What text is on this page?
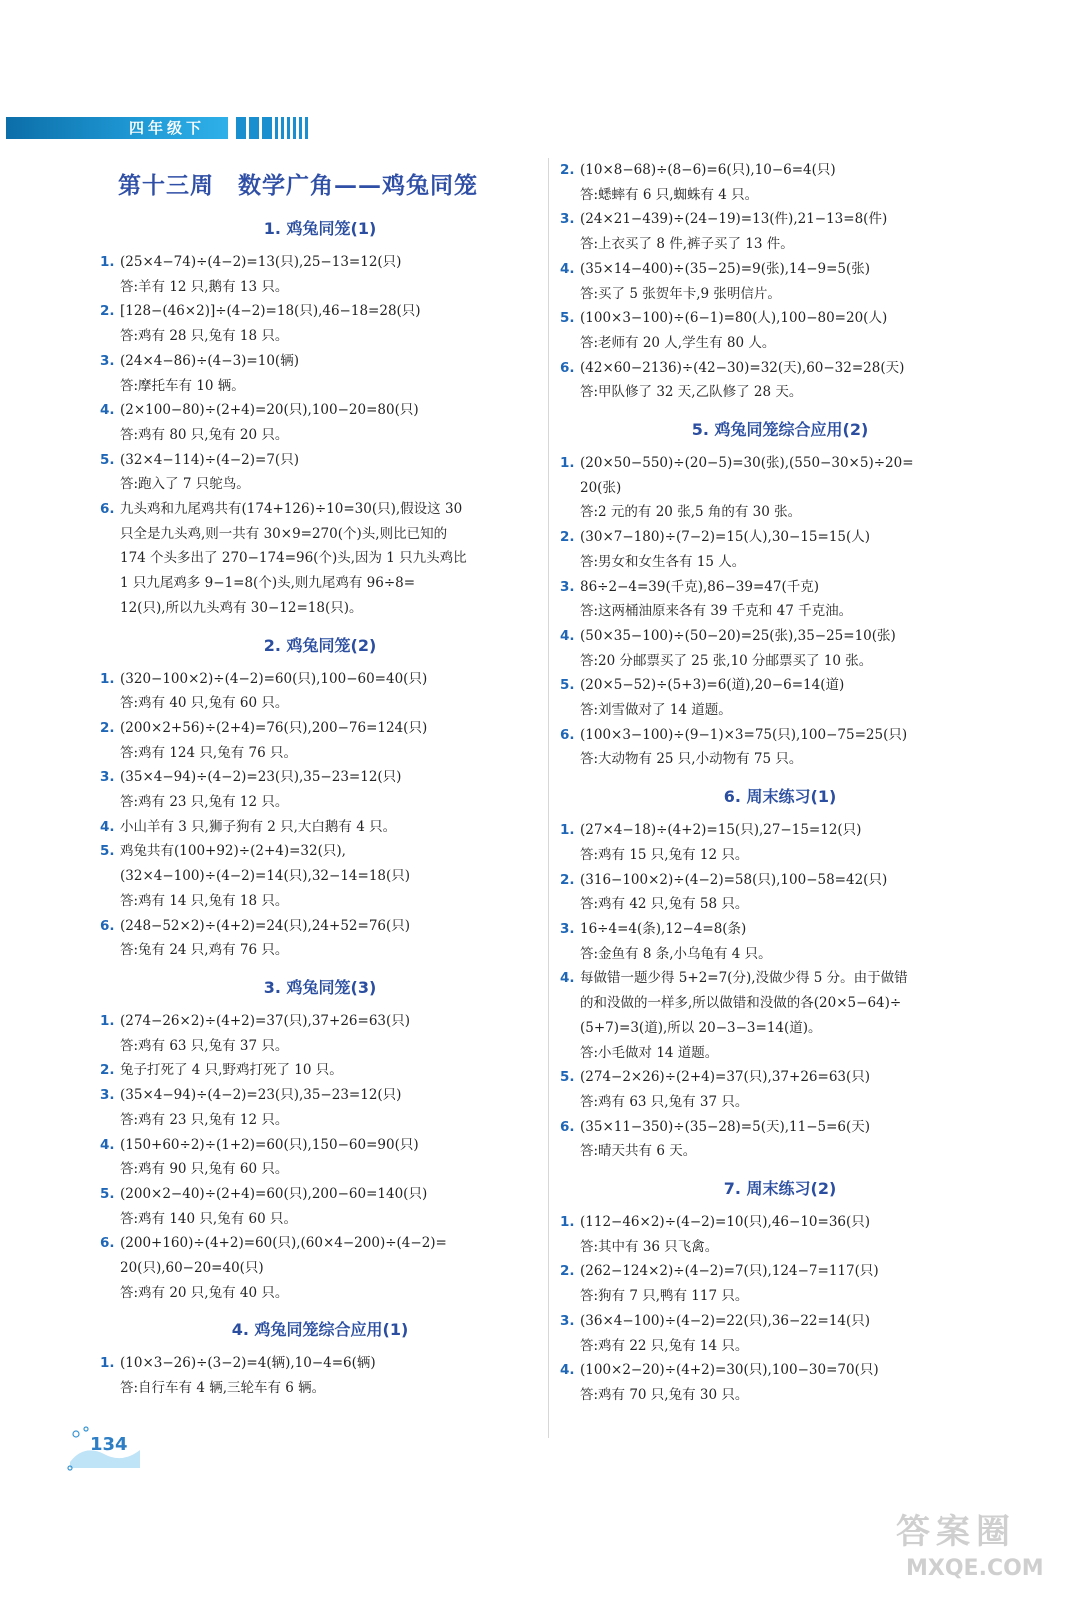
四年级下
第十三周　数学广角——鸡兔同笼
1. 鸡兔同笼(1)
1. (25×4−74)÷(4−2)=13(只),25−13=12(只)
答:羊有 12 只,鹅有 13 只。
2. [128−(46×2)]÷(4−2)=18(只),46−18=28(只)
答:鸡有 28 只,兔有 18 只。
3. (24×4−86)÷(4−3)=10(辆)
答:摩托车有 10 辆。
4. (2×100−80)÷(2+4)=20(只),100−20=80(只)
答:鸡有 80 只,兔有 20 只。
5. (32×4−114)÷(4−2)=7(只)
答:跑入了 7 只鸵鸟。
6. 九头鸡和九尾鸡共有(174+126)÷10=30(只),假设这 30
只全是九头鸡,则一共有 30×9=270(个)头,则比已知的
174 个头多出了 270−174=96(个)头,因为 1 只九头鸡比
1 只九尾鸡多 9−1=8(个)头,则九尾鸡有 96÷8=
12(只),所以九头鸡有 30−12=18(只)。
2. 鸡兔同笼(2)
1. (320−100×2)÷(4−2)=60(只),100−60=40(只)
答:鸡有 40 只,兔有 60 只。
2. (200×2+56)÷(2+4)=76(只),200−76=124(只)
答:鸡有 124 只,兔有 76 只。
3. (35×4−94)÷(4−2)=23(只),35−23=12(只)
答:鸡有 23 只,兔有 12 只。
4. 小山羊有 3 只,狮子狗有 2 只,大白鹅有 4 只。
5. 鸡兔共有(100+92)÷(2+4)=32(只),
(32×4−100)÷(4−2)=14(只),32−14=18(只)
答:鸡有 14 只,兔有 18 只。
6. (248−52×2)÷(4+2)=24(只),24+52=76(只)
答:兔有 24 只,鸡有 76 只。
3. 鸡兔同笼(3)
1. (274−26×2)÷(4+2)=37(只),37+26=63(只)
答:鸡有 63 只,兔有 37 只。
2. 兔子打死了 4 只,野鸡打死了 10 只。
3. (35×4−94)÷(4−2)=23(只),35−23=12(只)
答:鸡有 23 只,兔有 12 只。
4. (150+60÷2)÷(1+2)=60(只),150−60=90(只)
答:鸡有 90 只,兔有 60 只。
5. (200×2−40)÷(2+4)=60(只),200−60=140(只)
答:鸡有 140 只,兔有 60 只。
6. (200+160)÷(4+2)=60(只),(60×4−200)÷(4−2)=
20(只),60−20=40(只)
答:鸡有 20 只,兔有 40 只。
4. 鸡兔同笼综合应用(1)
1. (10×3−26)÷(3−2)=4(辆),10−4=6(辆)
答:自行车有 4 辆,三轮车有 6 辆。
2. (10×8−68)÷(8−6)=6(只),10−6=4(只)
答:蟋蟀有 6 只,蜘蛛有 4 只。
3. (24×21−439)÷(24−19)=13(件),21−13=8(件)
答:上衣买了 8 件,裤子买了 13 件。
4. (35×14−400)÷(35−25)=9(张),14−9=5(张)
答:买了 5 张贺年卡,9 张明信片。
5. (100×3−100)÷(6−1)=80(人),100−80=20(人)
答:老师有 20 人,学生有 80 人。
6. (42×60−2136)÷(42−30)=32(天),60−32=28(天)
答:甲队修了 32 天,乙队修了 28 天。
5. 鸡兔同笼综合应用(2)
1. (20×50−550)÷(20−5)=30(张),(550−30×5)÷20=
20(张)
答:2 元的有 20 张,5 角的有 30 张。
2. (30×7−180)÷(7−2)=15(人),30−15=15(人)
答:男女和女生各有 15 人。
3. 86÷2−4=39(千克),86−39=47(千克)
答:这两桶油原来各有 39 千克和 47 千克油。
4. (50×35−100)÷(50−20)=25(张),35−25=10(张)
答:20 分邮票买了 25 张,10 分邮票买了 10 张。
5. (20×5−52)÷(5+3)=6(道),20−6=14(道)
答:刘雪做对了 14 道题。
6. (100×3−100)÷(9−1)×3=75(只),100−75=25(只)
答:大动物有 25 只,小动物有 75 只。
6. 周末练习(1)
1. (27×4−18)÷(4+2)=15(只),27−15=12(只)
答:鸡有 15 只,兔有 12 只。
2. (316−100×2)÷(4−2)=58(只),100−58=42(只)
答:鸡有 42 只,兔有 58 只。
3. 16÷4=4(条),12−4=8(条)
答:金鱼有 8 条,小乌龟有 4 只。
4. 每做错一题少得 5+2=7(分),没做少得 5 分。由于做错
的和没做的一样多,所以做错和没做的各(20×5−64)÷
(5+7)=3(道),所以 20−3−3=14(道)。
答:小毛做对 14 道题。
5. (274−2×26)÷(2+4)=37(只),37+26=63(只)
答:鸡有 63 只,兔有 37 只。
6. (35×11−350)÷(35−28)=5(天),11−5=6(天)
答:晴天共有 6 天。
7. 周末练习(2)
1. (112−46×2)÷(4−2)=10(只),46−10=36(只)
答:其中有 36 只飞禽。
2. (262−124×2)÷(4−2)=7(只),124−7=117(只)
答:狗有 7 只,鸭有 117 只。
3. (36×4−100)÷(4−2)=22(只),36−22=14(只)
答:鸡有 22 只,兔有 14 只。
4. (100×2−20)÷(4+2)=30(只),100−30=70(只)
答:鸡有 70 只,兔有 30 只。
134
答案圈
MXQE.COM
